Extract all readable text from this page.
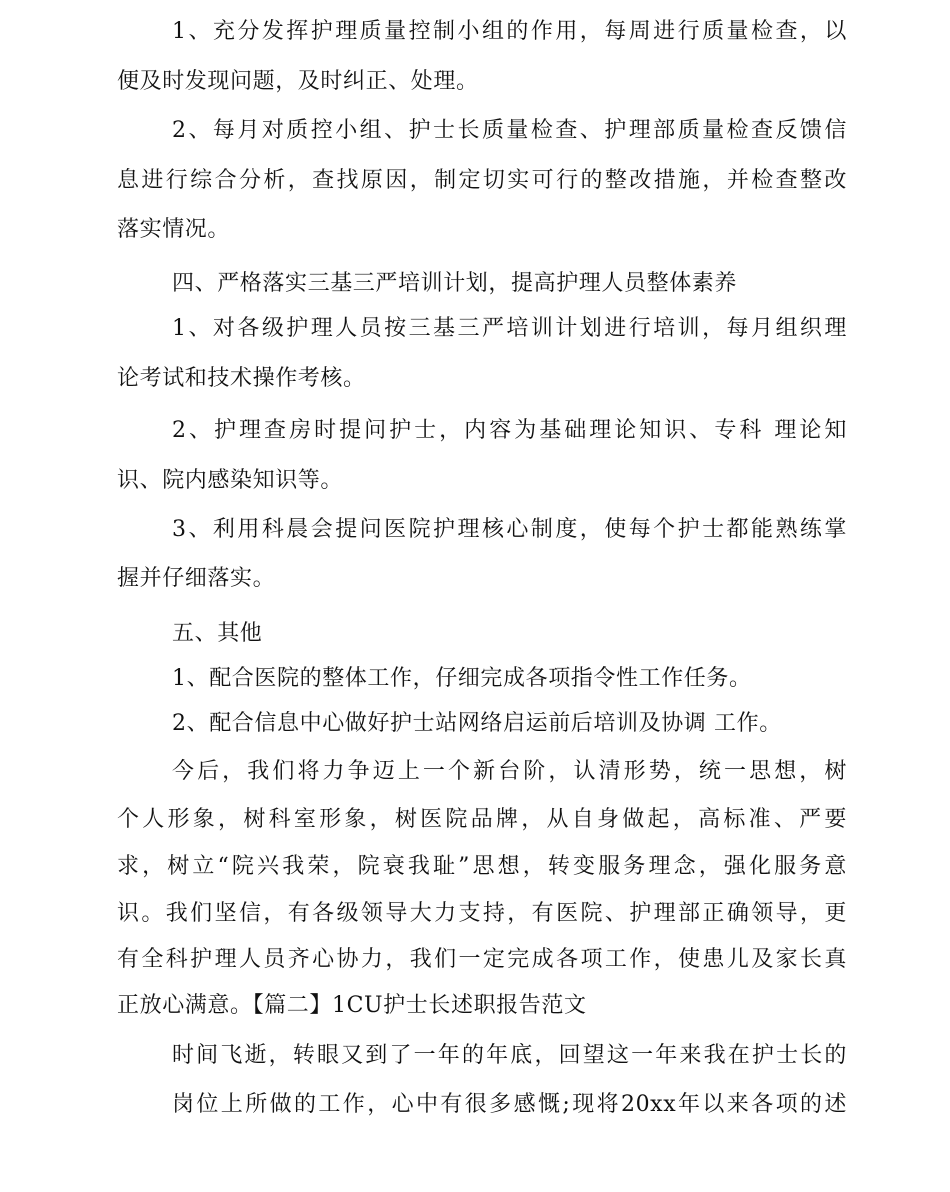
1、充分发挥护理质量控制小组的作用，每周进行质量检查，以
便及时发现问题，及时纠正、处理。
2、每月对质控小组、护士长质量检查、护理部质量检查反馈信
息进行综合分析，查找原因，制定切实可行的整改措施，并检查整改
落实情况。
四、严格落实三基三严培训计划，提高护理人员整体素养
1、对各级护理人员按三基三严培训计划进行培训，每月组织理
论考试和技术操作考核。
2、护理查房时提问护士，内容为基础理论知识、专科 理论知
识、院内感染知识等。
3、利用科晨会提问医院护理核心制度，使每个护士都能熟练掌
握并仔细落实。
五、其他
1、配合医院的整体工作，仔细完成各项指令性工作任务。
2、配合信息中心做好护士站网络启运前后培训及协调 工作。
今后，我们将力争迈上一个新台阶，认清形势，统一思想，树
个人形象，树科室形象，树医院品牌，从自身做起，高标准、严要
求，树立“院兴我荣，院衰我耻”思想，转变服务理念，强化服务意
识。我们坚信，有各级领导大力支持，有医院、护理部正确领导，更
有全科护理人员齐心协力，我们一定完成各项工作，使患儿及家长真
正放心满意。【篇二】1CU护士长述职报告范文
时间飞逝，转眼又到了一年的年底，回望这一年来我在护士长的
岗位上所做的工作，心中有很多感慨;现将20xx年以来各项的述
